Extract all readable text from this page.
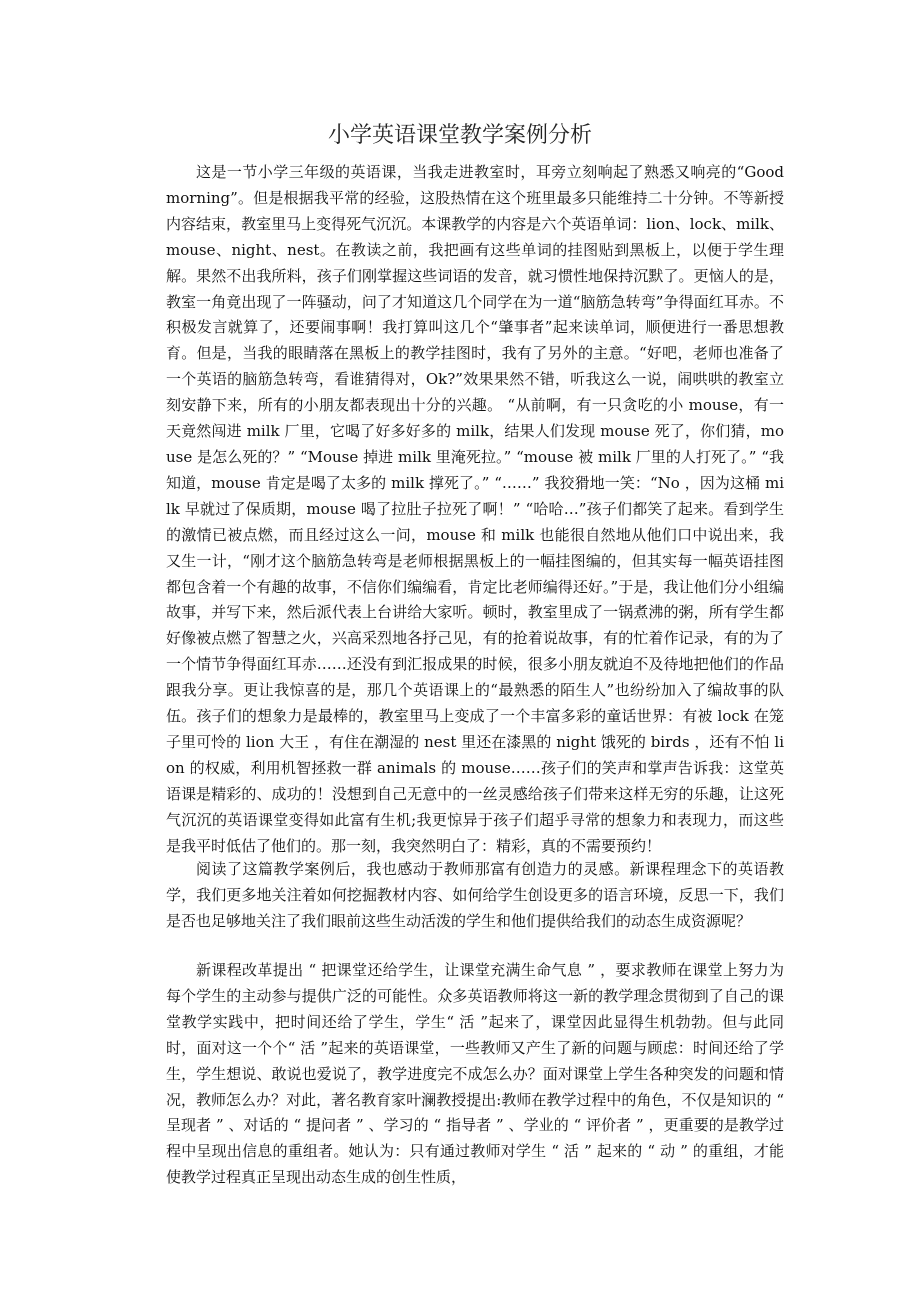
小学英语课堂教学案例分析

这是一节小学三年级的英语课，当我走进教室时，耳旁立刻响起了熟悉又响亮的“Good morning”。但是根据我平常的经验，这股热情在这个班里最多只能维持二十分钟。不等新授内容结束，教室里马上变得死气沉沉。本课教学的内容是六个英语单词：lion、lock、milk、mouse、night、nest。在教读之前，我把画有这些单词的挂图贴到黑板上，以便于学生理解。果然不出我所料，孩子们刚掌握这些词语的发音，就习惯性地保持沉默了。更恼人的是，教室一角竟出现了一阵骚动，问了才知道这几个同学在为一道“脑筋急转弯”争得面红耳赤。不积极发言就算了，还要闹事啊！我打算叫这几个“肇事者”起来读单词，顺便进行一番思想教育。但是，当我的眼睛落在黑板上的教学挂图时，我有了另外的主意。“好吧，老师也准备了一个英语的脑筋急转弯，看谁猜得对，Ok?”效果果然不错，听我这么一说，闹哄哄的教室立刻安静下来，所有的小朋友都表现出十分的兴趣。 “从前啊，有一只贪吃的小 mouse，有一天竟然闯进 milk 厂里，它喝了好多好多的 milk，结果人们发现 mouse 死了，你们猜，mouse 是怎么死的？” “Mouse 掉进 milk 里淹死拉。” “mouse 被 milk 厂里的人打死了。” “我知道，mouse 肯定是喝了太多的 milk 撑死了。” “……” 我狡猾地一笑：“No ，因为这桶 milk 早就过了保质期，mouse 喝了拉肚子拉死了啊！” “哈哈…”孩子们都笑了起来。看到学生的激情已被点燃，而且经过这么一问，mouse 和 milk 也能很自然地从他们口中说出来，我又生一计，“刚才这个脑筋急转弯是老师根据黑板上的一幅挂图编的，但其实每一幅英语挂图都包含着一个有趣的故事，不信你们编编看，肯定比老师编得还好。”于是，我让他们分小组编故事，并写下来，然后派代表上台讲给大家听。顿时，教室里成了一锅煮沸的粥，所有学生都好像被点燃了智慧之火，兴高采烈地各抒己见，有的抢着说故事，有的忙着作记录，有的为了一个情节争得面红耳赤……还没有到汇报成果的时候，很多小朋友就迫不及待地把他们的作品跟我分享。更让我惊喜的是，那几个英语课上的“最熟悉的陌生人”也纷纷加入了编故事的队伍。孩子们的想象力是最棒的，教室里马上变成了一个丰富多彩的童话世界：有被 lock 在笼子里可怜的 lion 大王 ，有住在潮湿的 nest 里还在漆黑的 night 饿死的 birds ，还有不怕 lion 的权威，利用机智拯救一群 animals 的 mouse……孩子们的笑声和掌声告诉我：这堂英语课是精彩的、成功的！没想到自己无意中的一丝灵感给孩子们带来这样无穷的乐趣，让这死气沉沉的英语课堂变得如此富有生机;我更惊异于孩子们超乎寻常的想象力和表现力，而这些是我平时低估了他们的。那一刻，我突然明白了：精彩，真的不需要预约！

阅读了这篇教学案例后，我也感动于教师那富有创造力的灵感。新课程理念下的英语教学，我们更多地关注着如何挖掘教材内容、如何给学生创设更多的语言环境，反思一下，我们是否也足够地关注了我们眼前这些生动活泼的学生和他们提供给我们的动态生成资源呢？

新课程改革提出 “ 把课堂还给学生，让课堂充满生命气息 ” ，要求教师在课堂上努力为每个学生的主动参与提供广泛的可能性。众多英语教师将这一新的教学理念贯彻到了自己的课堂教学实践中，把时间还给了学生，学生“ 活 ”起来了，课堂因此显得生机勃勃。但与此同时，面对这一个个“ 活 ”起来的英语课堂，一些教师又产生了新的问题与顾虑：时间还给了学生，学生想说、敢说也爱说了，教学进度完不成怎么办？面对课堂上学生各种突发的问题和情况，教师怎么办？对此，著名教育家叶澜教授提出:教师在教学过程中的角色，不仅是知识的 “ 呈现者 ” 、对话的 “ 提问者 ” 、学习的 “ 指导者 ” 、学业的 “ 评价者 ” ，更重要的是教学过程中呈现出信息的重组者。她认为：只有通过教师对学生 “ 活 ” 起来的 “ 动 ” 的重组，才能使教学过程真正呈现出动态生成的创生性质，
